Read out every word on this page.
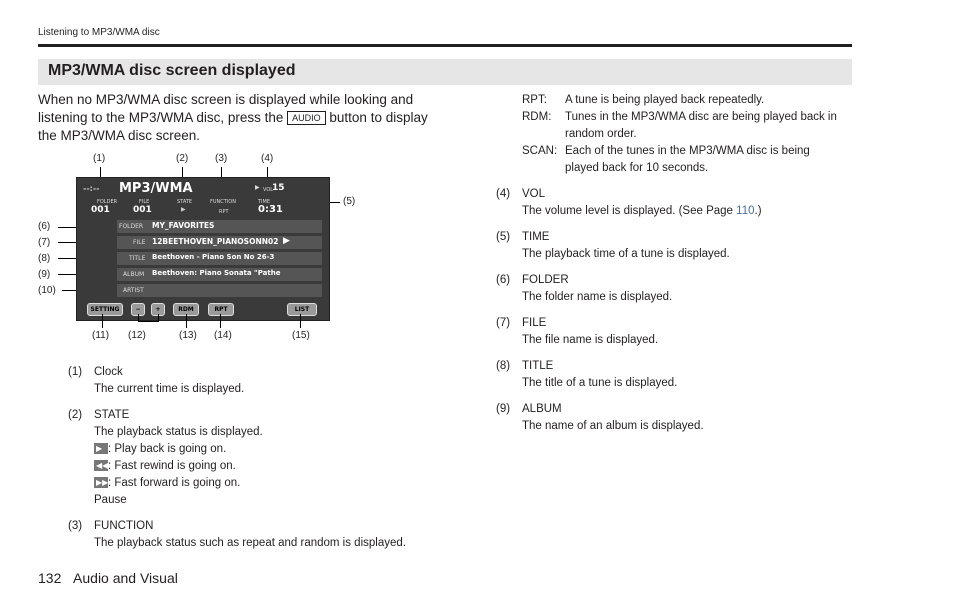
Listening to MP3/WMA disc
MP3/WMA disc screen displayed
When no MP3/WMA disc screen is displayed while looking and listening to the MP3/WMA disc, press the AUDIO button to display the MP3/WMA disc screen.
(1)	(2)	(3)	(4)
(5)
(6)
(7)
(8)
(9)
(10)
--:-- MP3/WMA	▶ VOL
15
FOLDER	FILE	STATE	FUNCTION	TIME
001	001	▶	RPT	0:31
FOLDER MY_FAVORITES
FILE 12BEETHOVEN_PIANOSONN02 ▶
TITLE Beethoven - Piano Son No 26-3
ALBUM Beethoven: Piano Sonata "Pathe
ARTIST
SETTING	−	+	RDM	RPT	LIST
(11) (12)	(13) (14)	(15)
(1) Clock
The current time is displayed.
(2) STATE
The playback status is displayed.
▶ : Play back is going on.
◀◀ : Fast rewind is going on.
▶▶ : Fast forward is going on.
Pause
(3) FUNCTION
The playback status such as repeat and random is displayed.
RPT: A tune is being played back repeatedly.
RDM: Tunes in the MP3/WMA disc are being played back in random order.
SCAN: Each of the tunes in the MP3/WMA disc is being played back for 10 seconds.
(4) VOL
The volume level is displayed. (See Page 110.)
(5) TIME
The playback time of a tune is displayed.
(6) FOLDER
The folder name is displayed.
(7) FILE
The file name is displayed.
(8) TITLE
The title of a tune is displayed.
(9) ALBUM
The name of an album is displayed.
132 Audio and Visual
